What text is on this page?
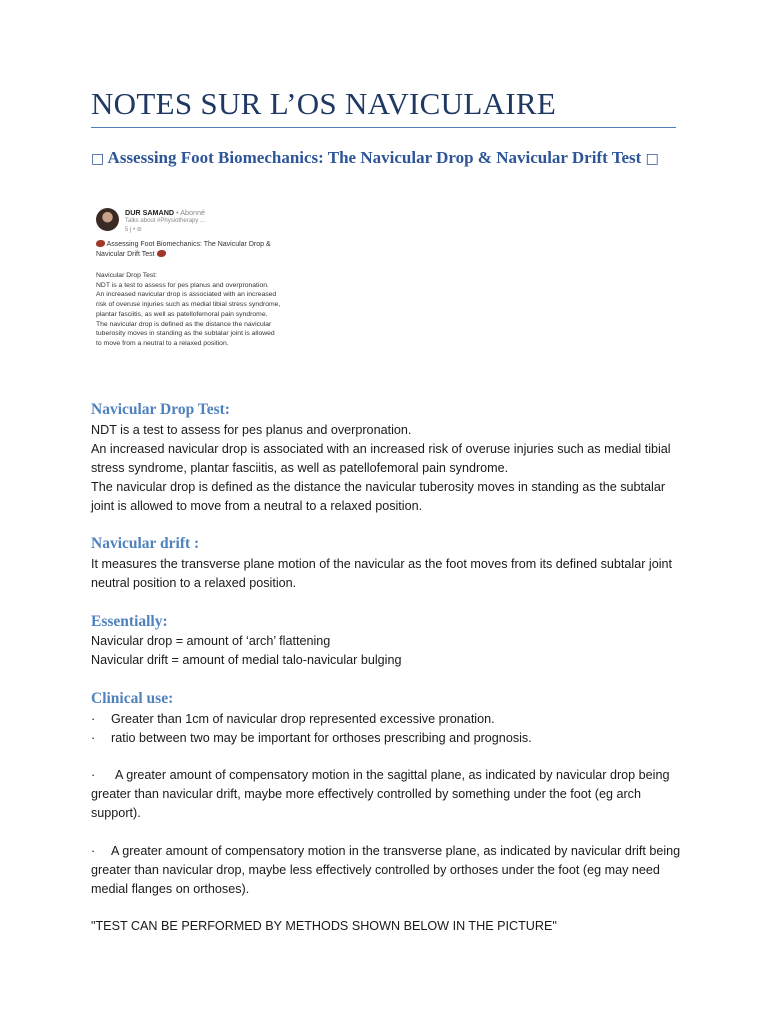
NOTES SUR L’OS NAVICULAIRE
□ Assessing Foot Biomechanics: The Navicular Drop & Navicular Drift Test □
DUR SAMAND • Abonné
Talks about #Physiotherapy ...
5 j • ⊘
Assessing Foot Biomechanics: The Navicular Drop & Navicular Drift Test

Navicular Drop Test:

NDT is a test to assess for pes planus and overpronation.

An increased navicular drop is associated with an increased risk of overuse injuries such as medial tibial stress syndrome, plantar fasciitis, as well as patellofemoral pain syndrome.

The navicular drop is defined as the distance the navicular tuberosity moves in standing as the subtalar joint is allowed to move from a neutral to a relaxed position.

Navicular Drop Test:

NDT is a test to assess for pes planus and overpronation.

An increased navicular drop is associated with an increased risk of overuse injuries such as medial tibial stress syndrome, plantar fasciitis, as well as patellofemoral pain syndrome.

The navicular drop is defined as the distance the navicular tuberosity moves in standing as the subtalar joint is allowed to move from a neutral to a relaxed position.

Navicular drift :

It measures the transverse plane motion of the navicular as the foot moves from its defined subtalar joint neutral position to a relaxed position.

Essentially:

Navicular drop = amount of ‘arch’ flattening

Navicular drift = amount of medial talo-navicular bulging

Clinical use:
· Greater than 1cm of navicular drop represented excessive pronation.
· ratio between two may be important for orthoses prescribing and prognosis.
· A greater amount of compensatory motion in the sagittal plane, as indicated by navicular drop being greater than navicular drift, maybe more effectively controlled by something under the foot (eg arch support).
· A greater amount of compensatory motion in the transverse plane, as indicated by navicular drift being greater than navicular drop, maybe less effectively controlled by orthoses under the foot (eg may need medial flanges on orthoses).

"TEST CAN BE PERFORMED BY METHODS SHOWN BELOW IN THE PICTURE"
